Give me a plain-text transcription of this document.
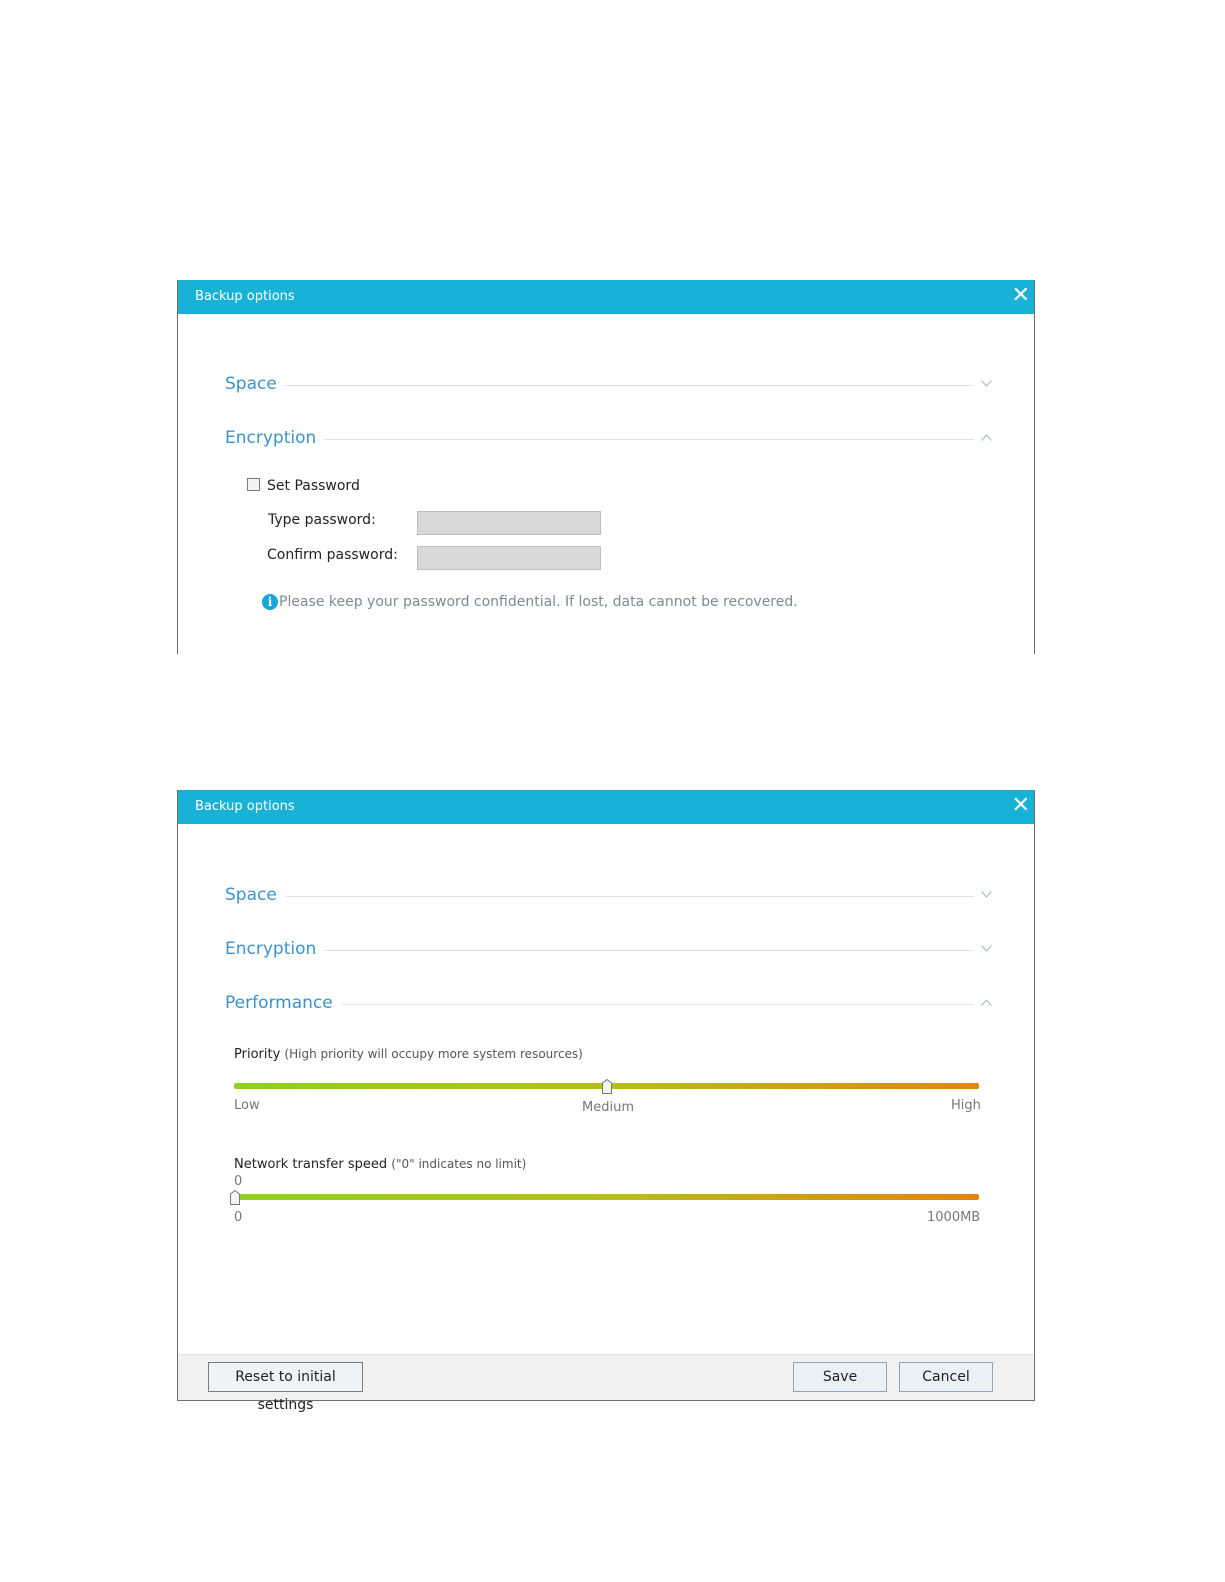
Backup options	✕
Space
Encryption
Set Password
Type password:
Confirm password:
i Please keep your password confidential. If lost, data cannot be recovered.
Backup options	✕
Space
Encryption
Performance
Priority (High priority will occupy more system resources)
Low	Medium	High
Network transfer speed ("0" indicates no limit)
0
0	1000MB
Reset to initial settings
Save	Cancel
